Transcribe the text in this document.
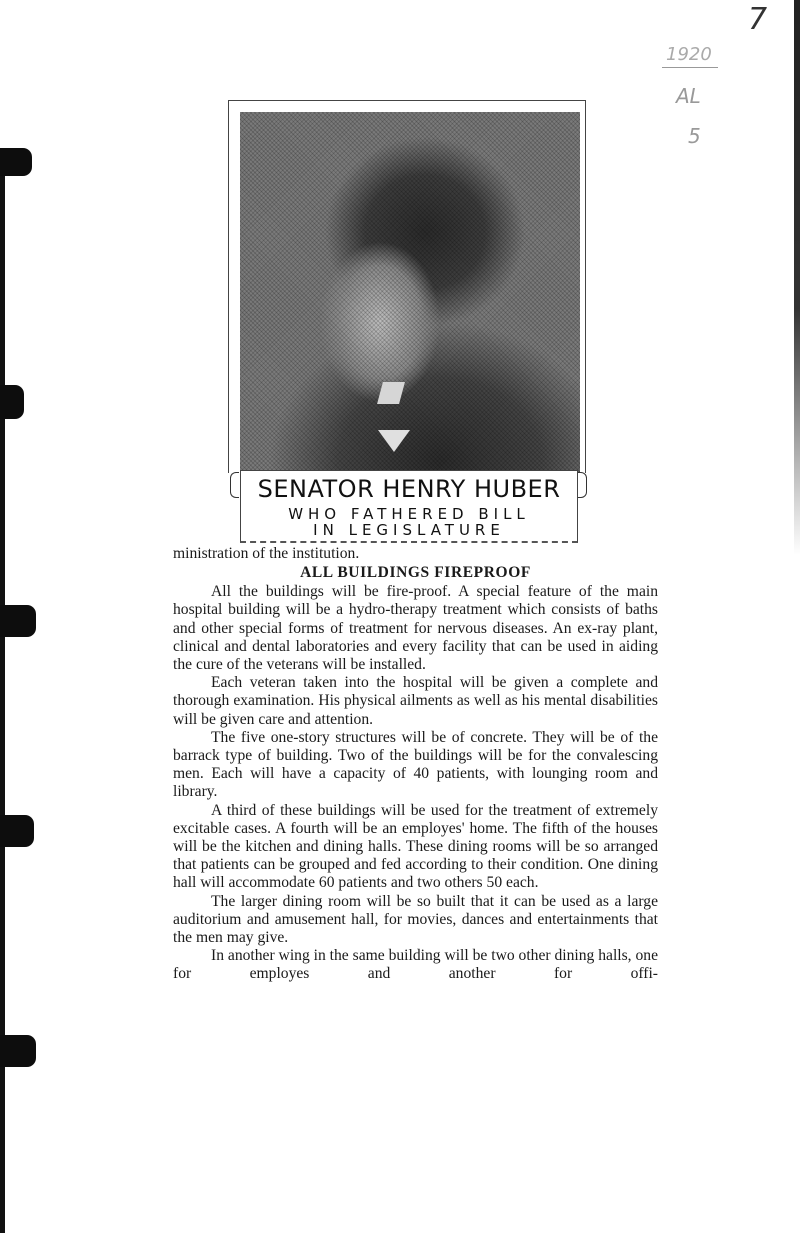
7
1920
AL
5
SENATOR HENRY HUBER
WHO FATHERED BILL
IN LEGISLATURE

ministration of the institution.

ALL BUILDINGS FIREPROOF

All the buildings will be fire-proof. A special feature of the main hospital building will be a hydro-therapy treatment which consists of baths and other special forms of treatment for nervous diseases. An ex-ray plant, clinical and dental laboratories and every facility that can be used in aiding the cure of the veterans will be installed.

Each veteran taken into the hospital will be given a complete and thorough examination. His physical ailments as well as his mental disabilities will be given care and attention.

The five one-story structures will be of concrete. They will be of the barrack type of building. Two of the buildings will be for the convalescing men. Each will have a capacity of 40 patients, with lounging room and library.

A third of these buildings will be used for the treatment of extremely excitable cases. A fourth will be an employes' home. The fifth of the houses will be the kitchen and dining halls. These dining rooms will be so arranged that patients can be grouped and fed according to their condition. One dining hall will accommodate 60 patients and two others 50 each.

The larger dining room will be so built that it can be used as a large auditorium and amusement hall, for movies, dances and entertainments that the men may give.

In another wing in the same building will be two other dining halls, one for employes and another for offi-
